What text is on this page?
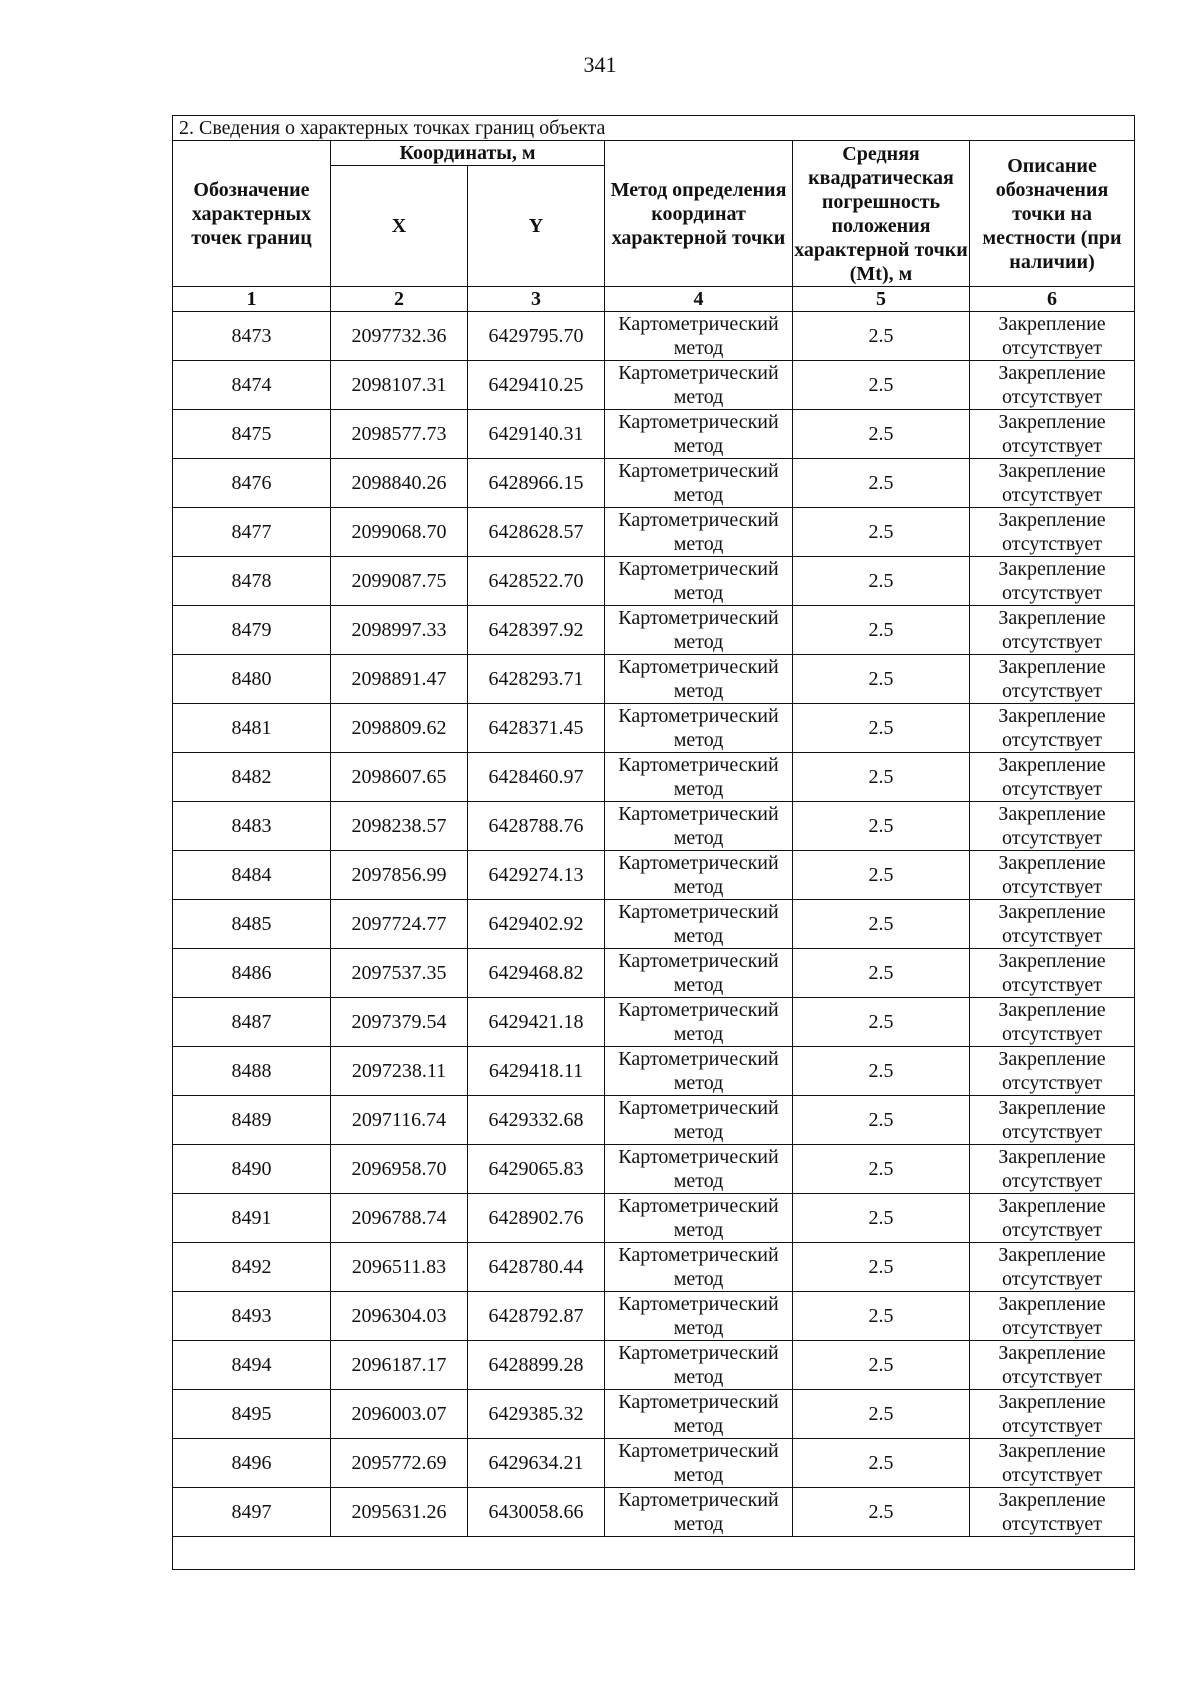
341
2. Сведения о характерных точках границ объекта					
Обозначение характерных точек границ	Координаты, м		Метод определения координат характерной точки	Средняя квадратическая погрешность положения характерной точки (Mt), м	Описание обозначения точки на местности (при наличии)
	X	Y			
1	2	3	4	5	6
8473	2097732.36	6429795.70	Картометрический метод	2.5	Закрепление отсутствует
8474	2098107.31	6429410.25	Картометрический метод	2.5	Закрепление отсутствует
8475	2098577.73	6429140.31	Картометрический метод	2.5	Закрепление отсутствует
8476	2098840.26	6428966.15	Картометрический метод	2.5	Закрепление отсутствует
8477	2099068.70	6428628.57	Картометрический метод	2.5	Закрепление отсутствует
8478	2099087.75	6428522.70	Картометрический метод	2.5	Закрепление отсутствует
8479	2098997.33	6428397.92	Картометрический метод	2.5	Закрепление отсутствует
8480	2098891.47	6428293.71	Картометрический метод	2.5	Закрепление отсутствует
8481	2098809.62	6428371.45	Картометрический метод	2.5	Закрепление отсутствует
8482	2098607.65	6428460.97	Картометрический метод	2.5	Закрепление отсутствует
8483	2098238.57	6428788.76	Картометрический метод	2.5	Закрепление отсутствует
8484	2097856.99	6429274.13	Картометрический метод	2.5	Закрепление отсутствует
8485	2097724.77	6429402.92	Картометрический метод	2.5	Закрепление отсутствует
8486	2097537.35	6429468.82	Картометрический метод	2.5	Закрепление отсутствует
8487	2097379.54	6429421.18	Картометрический метод	2.5	Закрепление отсутствует
8488	2097238.11	6429418.11	Картометрический метод	2.5	Закрепление отсутствует
8489	2097116.74	6429332.68	Картометрический метод	2.5	Закрепление отсутствует
8490	2096958.70	6429065.83	Картометрический метод	2.5	Закрепление отсутствует
8491	2096788.74	6428902.76	Картометрический метод	2.5	Закрепление отсутствует
8492	2096511.83	6428780.44	Картометрический метод	2.5	Закрепление отсутствует
8493	2096304.03	6428792.87	Картометрический метод	2.5	Закрепление отсутствует
8494	2096187.17	6428899.28	Картометрический метод	2.5	Закрепление отсутствует
8495	2096003.07	6429385.32	Картометрический метод	2.5	Закрепление отсутствует
8496	2095772.69	6429634.21	Картометрический метод	2.5	Закрепление отсутствует
8497	2095631.26	6430058.66	Картометрический метод	2.5	Закрепление отсутствует
